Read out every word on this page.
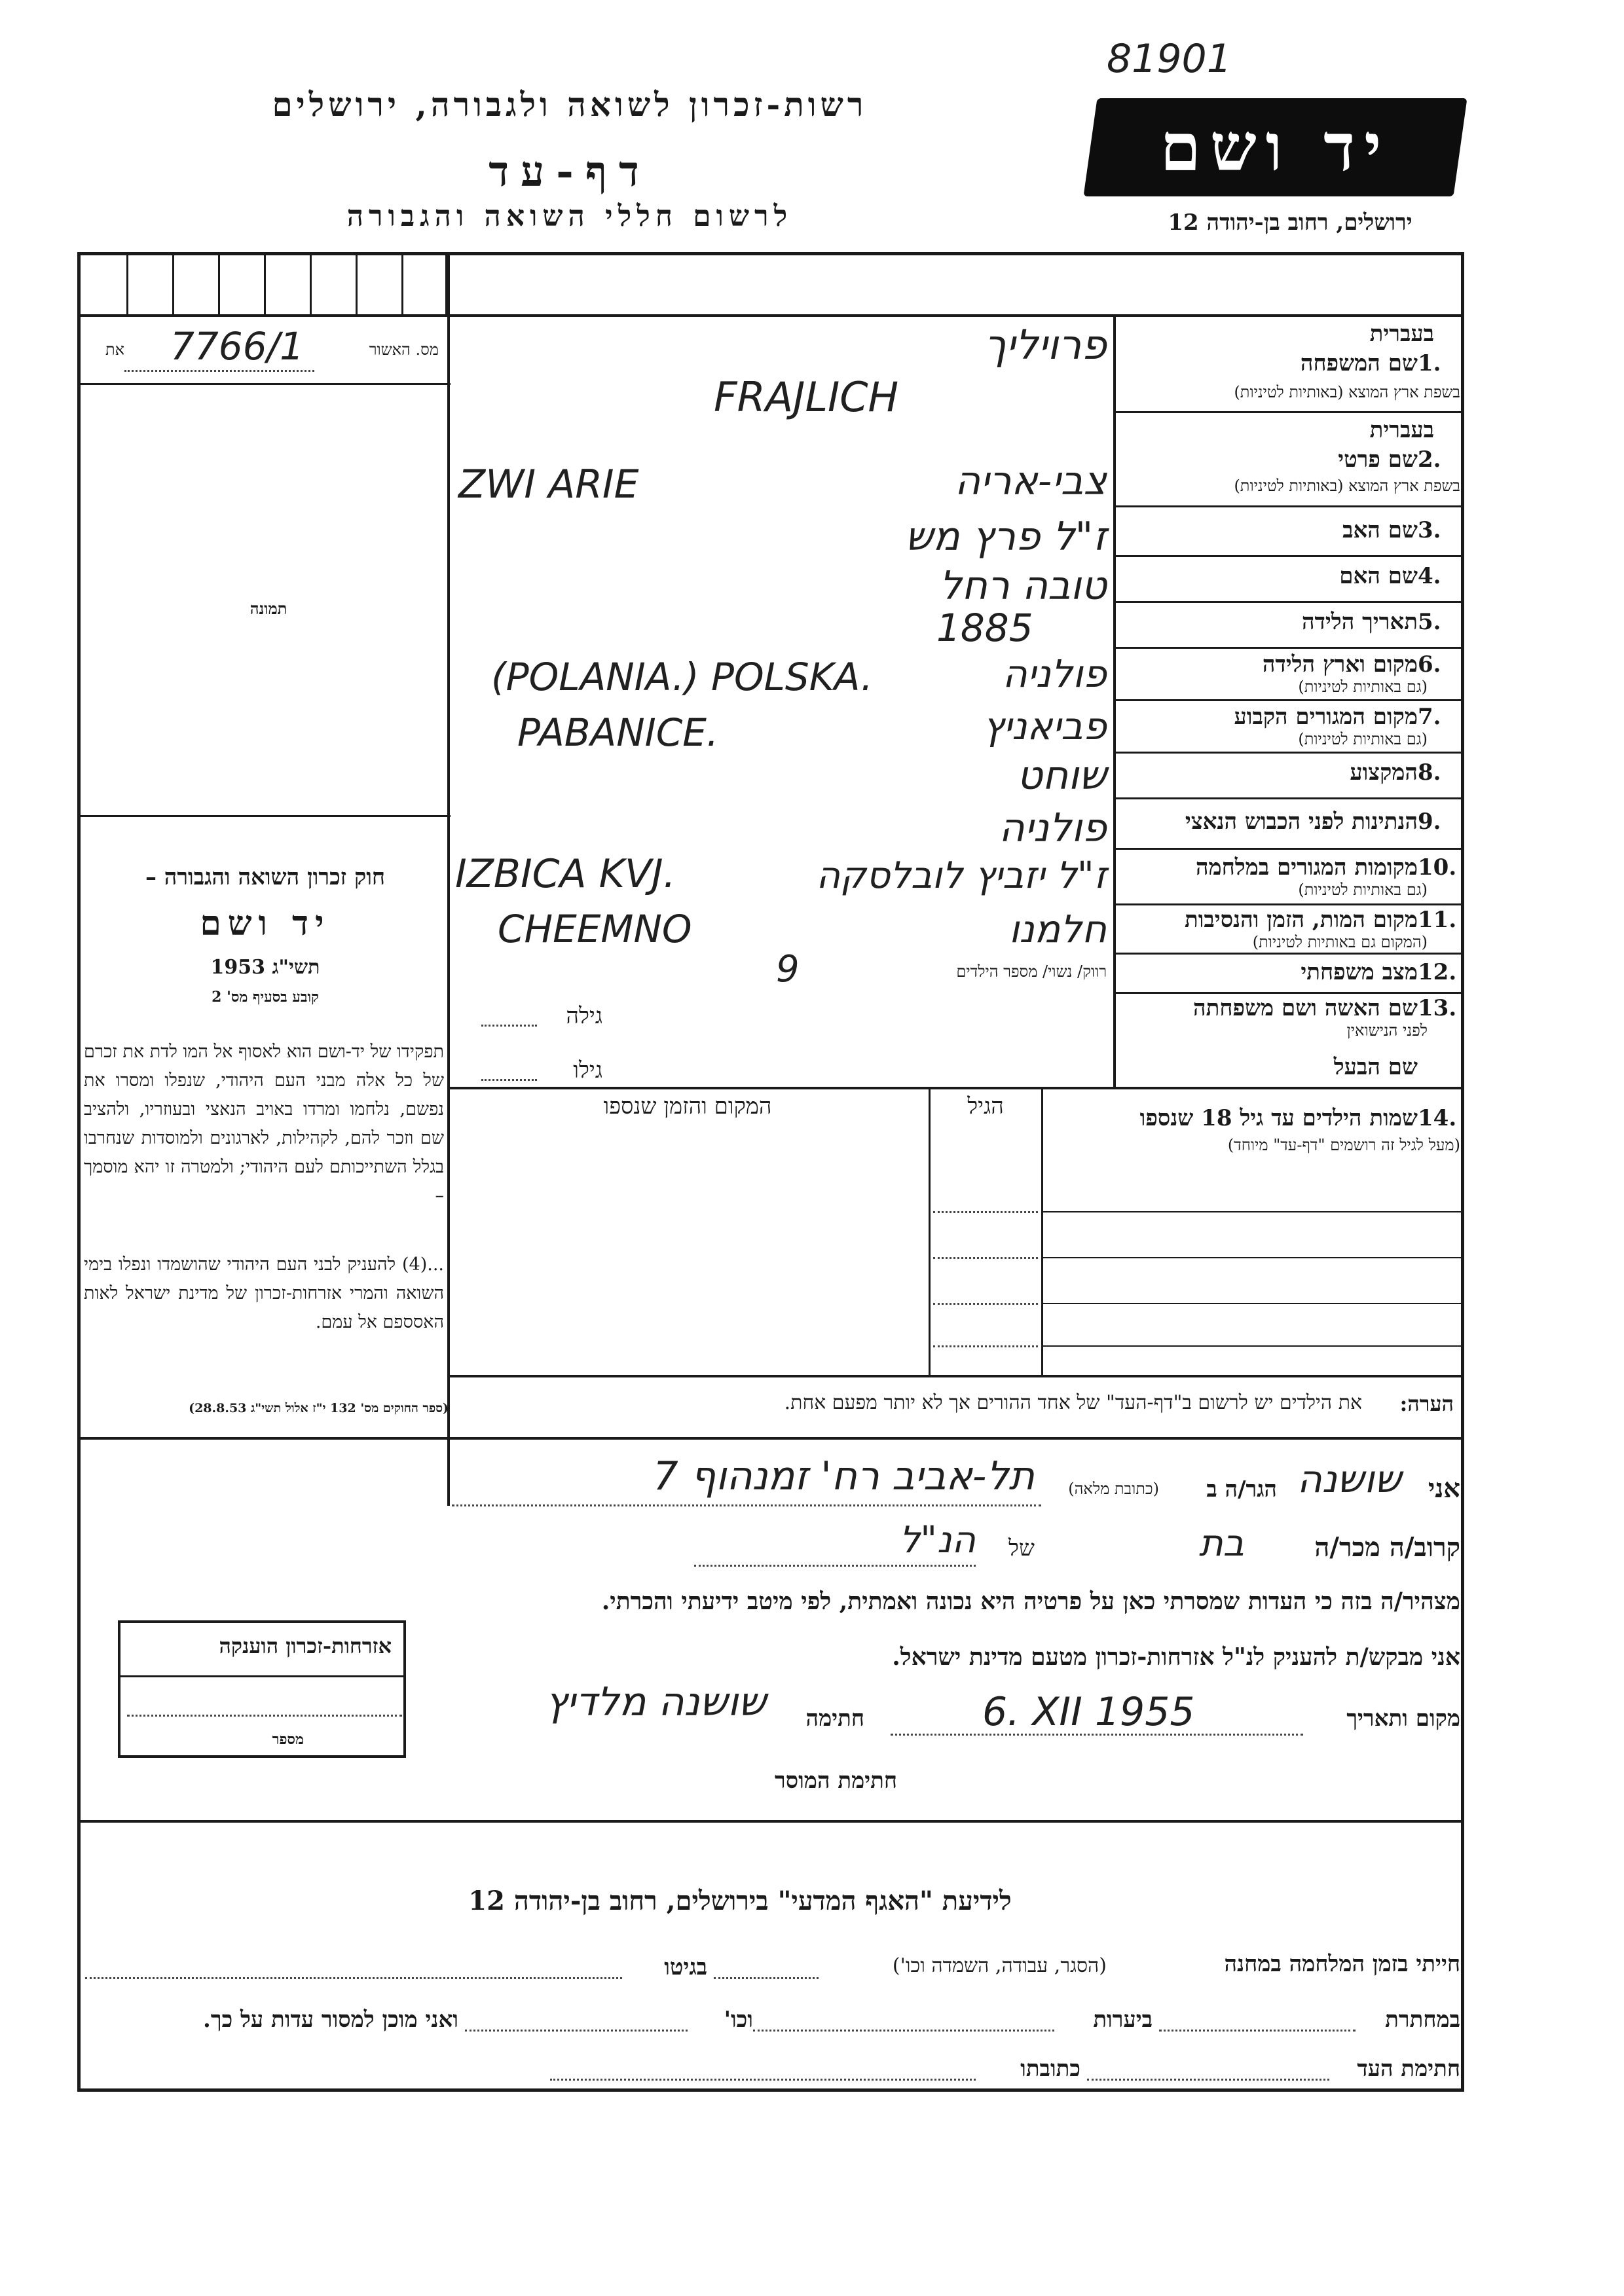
81901
רשות-זכרון לשואה ולגבורה, ירושלים
דף-עד
לרשום חללי השואה והגבורה
יד ושם
ירושלים, רחוב בן-יהודה 12
מס. האשור
את 7766/1
תמונה
חוק זכרון השואה והגבורה –
יד ושם
תשי"ג 1953
קובע בסעיף מס' 2
תפקידו של יד-ושם הוא לאסוף אל המו לדת את זכרם של כל אלה מבני העם היהודי, שנפלו ומסרו את נפשם, נלחמו ומרדו באויב הנאצי ובעוזריו, ולהציב שם וזכר להם, לקהילות, לארגונים ולמוסדות שנחרבו בגלל השתייכותם לעם היהודי; ולמטרה זו יהא מוסמך –
...(4) להעניק לבני העם היהודי שהושמדו ונפלו בימי השואה והמרי אזרחות-זכרון של מדינת ישראל לאות האסספם אל עמם.
(ספר החוקים מס' 132 י"ז אלול תשי"ג 28.8.53)
בעברית
1.
שם המשפחה
בשפת ארץ המוצא (באותיות לטיניות)
בעברית
2.
שם פרטי
בשפת ארץ המוצא (באותיות לטיניות)
3.
שם האב
4.
שם האם
5.
תאריך הלידה
6.
מקום וארץ הלידה
(גם באותיות לטיניות)
7.
מקום המגורים הקבוע
(גם באותיות לטיניות)
8.
המקצוע
9.
הנתינות לפני הכבוש הנאצי
10.
מקומות המגורים במלחמה
(גם באותיות לטיניות)
11.
מקום המות, הזמן והנסיבות
(המקום גם באותיות לטיניות)
12.
מצב משפחתי
רווק/ נשוי/ מספר הילדים
13.
שם האשה ושם משפחתה
לפני הנישואין
גילה
שם הבעל
גילו
14.
שמות הילדים עד גיל 18 שנספו
(מעל לגיל זה רושמים "דף-עד" מיוחד)
הגיל
המקום והזמן שנספו
הערה:
את הילדים יש לרשום ב"דף-העד" של אחד ההורים אך לא יותר מפעם אחת.
פרויליך
FRAJLICH
צבי-אריה
ZWI ARIE
ז"ל פרץ מש
טובה רחל
1885
פולניה
(POLANIA.) POLSKA.
פביאניץ
PABANICE.
שוחט
פולניה
ז"ל יזביץ לובלסקה
IZBICA KVJ.
חלמנו
CHEEMNO
9
אני
שושנה
הגר/ה ב
(כתובת מלאה)
תל-אביב רח' זמנהוף 7
קרוב/ה מכר/ה
בת
של
הנ"ל
מצהיר/ה בזה כי העדות שמסרתי כאן על פרטיה היא נכונה ואמתית, לפי מיטב ידיעתי והכרתי.
אני מבקש/ת להעניק לנ"ל אזרחות-זכרון מטעם מדינת ישראל.
מקום ותאריך
6. XII 1955
חתימה
שושנה מלדיץ
חתימת המוסר
אזרחות-זכרון הוענקה
מספר
לידיעת "האגף המדעי" בירושלים, רחוב בן-יהודה 12
חייתי בזמן המלחמה במחנה
(הסגר, עבודה, השמדה וכו')
בגיטו
במחתרת
ביערות
וכו'
ואני מוכן למסור עדות על כך.
חתימת העד
כתובתו
